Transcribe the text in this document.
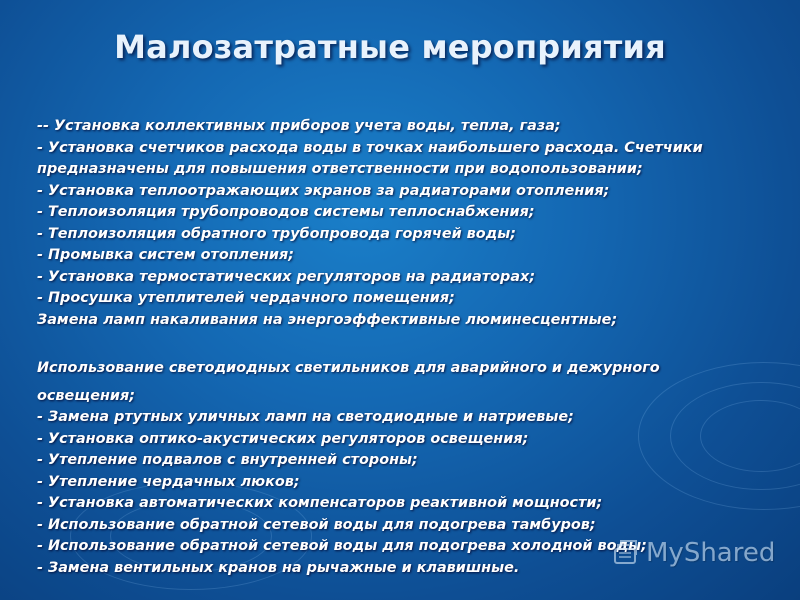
Малозатратные мероприятия
-- Установка коллективных приборов учета воды, тепла, газа;
- Установка счетчиков расхода воды в точках наибольшего расхода. Счетчики
предназначены для повышения ответственности при водопользовании;
- Установка теплоотражающих экранов за радиаторами отопления;
- Теплоизоляция трубопроводов системы теплоснабжения;
- Теплоизоляция обратного трубопровода горячей воды;
- Промывка систем отопления;
- Установка термостатических регуляторов на радиаторах;
- Просушка утеплителей чердачного помещения;
Замена ламп накаливания на энергоэффективные люминесцентные;
Использование светодиодных светильников для аварийного и дежурного
освещения;
- Замена ртутных уличных ламп на светодиодные и натриевые;
- Установка оптико-акустических регуляторов освещения;
- Утепление подвалов с внутренней стороны;
- Утепление чердачных люков;
- Установка автоматических компенсаторов реактивной мощности;
- Использование обратной сетевой воды для подогрева тамбуров;
- Использование обратной сетевой воды для подогрева холодной воды;
- Замена вентильных кранов на рычажные и клавишные.	MyShared
